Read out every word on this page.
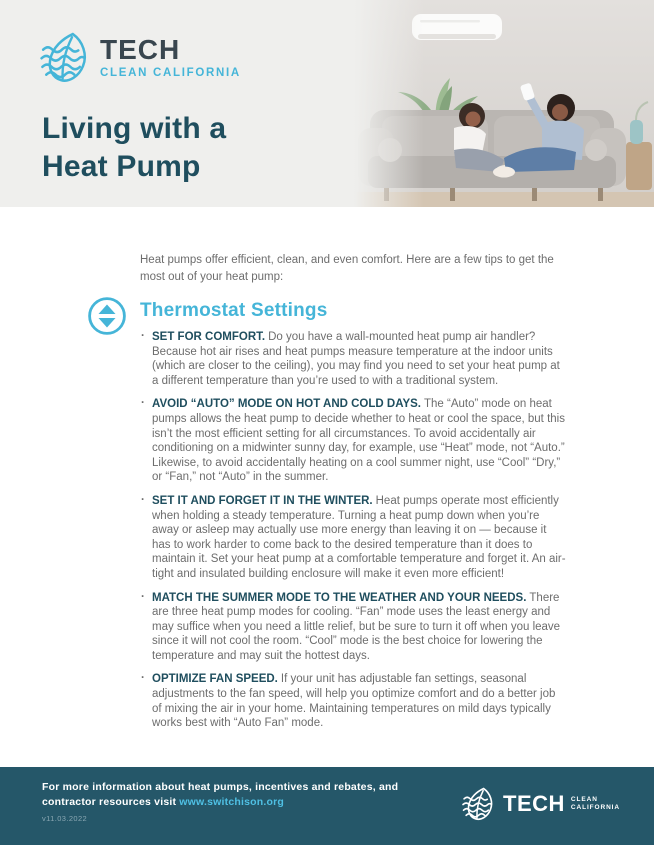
TECH
CLEAN CALIFORNIA
Living with a
Heat Pump

Heat pumps offer efficient, clean, and even comfort. Here are a few tips to get the most out of your heat pump:

Thermostat Settings
· SET FOR COMFORT. Do you have a wall-mounted heat pump air handler? Because hot air rises and heat pumps measure temperature at the indoor units (which are closer to the ceiling), you may find you need to set your heat pump at a different temperature than you’re used to with a traditional system.
· AVOID “AUTO” MODE ON HOT AND COLD DAYS. The “Auto” mode on heat pumps allows the heat pump to decide whether to heat or cool the space, but this isn’t the most efficient setting for all circumstances. To avoid accidentally air conditioning on a midwinter sunny day, for example, use “Heat” mode, not “Auto.” Likewise, to avoid accidentally heating on a cool summer night, use “Cool” “Dry,” or “Fan,” not “Auto” in the summer.
· SET IT AND FORGET IT IN THE WINTER. Heat pumps operate most efficiently when holding a steady temperature. Turning a heat pump down when you’re away or asleep may actually use more energy than leaving it on — because it has to work harder to come back to the desired temperature than it does to maintain it. Set your heat pump at a comfortable temperature and forget it. An air-tight and insulated building enclosure will make it even more efficient!
· MATCH THE SUMMER MODE TO THE WEATHER AND YOUR NEEDS. There are three heat pump modes for cooling. “Fan” mode uses the least energy and may suffice when you need a little relief, but be sure to turn it off when you leave since it will not cool the room. “Cool” mode is the best choice for lowering the temperature and may suit the hottest days.
· OPTIMIZE FAN SPEED. If your unit has adjustable fan settings, seasonal adjustments to the fan speed, will help you optimize comfort and do a better job of mixing the air in your home. Maintaining temperatures on mild days typically works best with “Auto Fan” mode.

For more information about heat pumps, incentives and rebates, and contractor resources visit www.switchison.org

v11.03.2022
TECH CLEAN
CALIFORNIA
